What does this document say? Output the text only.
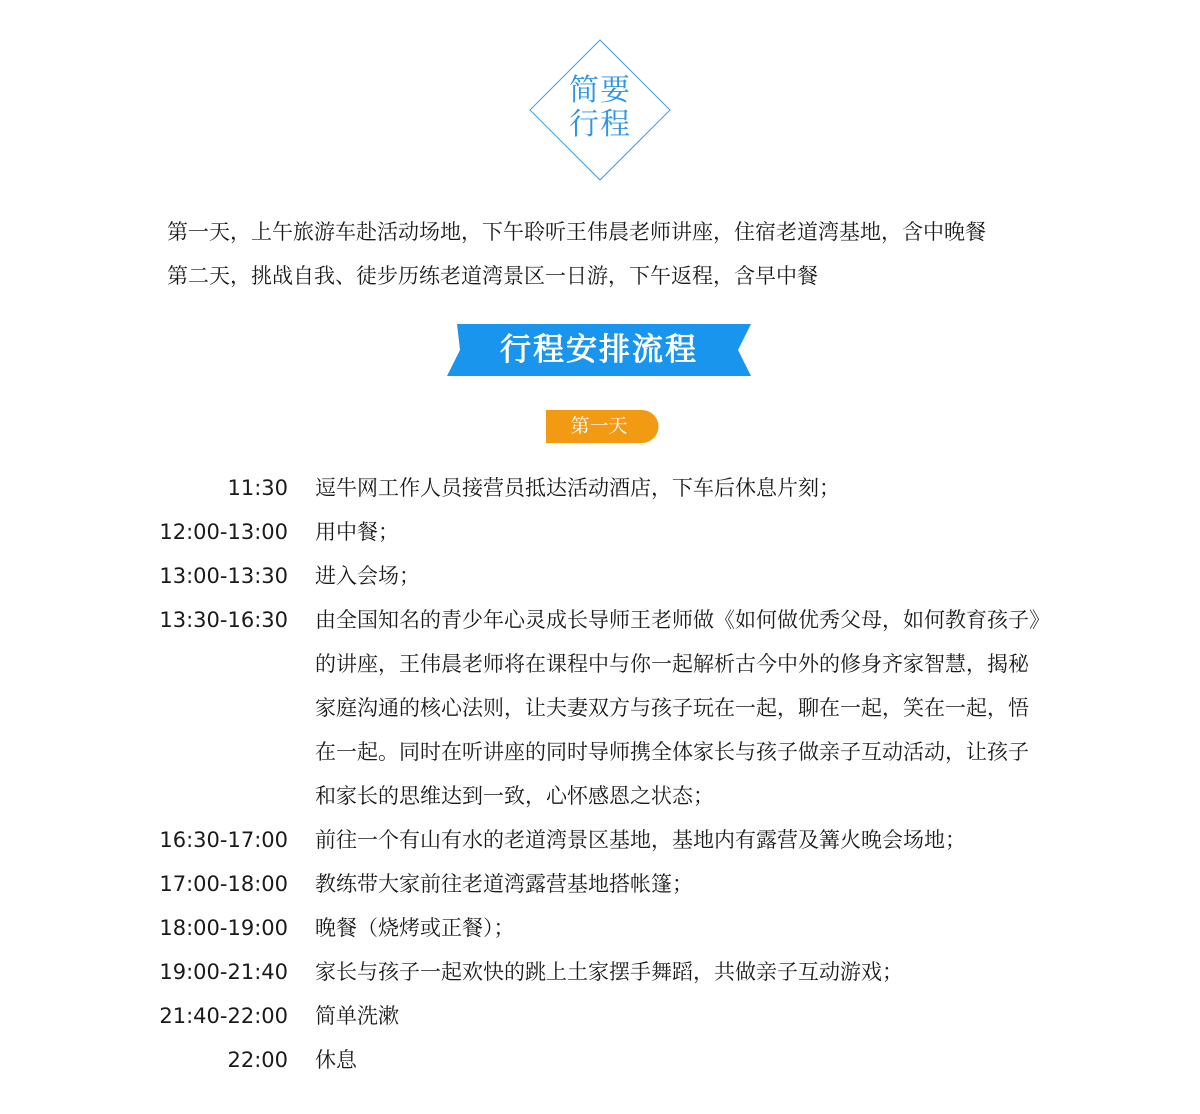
简要
行程
第一天，上午旅游车赴活动场地，下午聆听王伟晨老师讲座，住宿老道湾基地，含中晚餐
第二天，挑战自我、徒步历练老道湾景区一日游，下午返程，含早中餐
行程安排流程
第一天
11:30 逗牛网工作人员接营员抵达活动酒店，下车后休息片刻；
12:00-13:00 用中餐；
13:00-13:30 进入会场；
13:30-16:30 由全国知名的青少年心灵成长导师王老师做《如何做优秀父母，如何教育孩子》的讲座，王伟晨老师将在课程中与你一起解析古今中外的修身齐家智慧，揭秘家庭沟通的核心法则，让夫妻双方与孩子玩在一起，聊在一起，笑在一起，悟在一起。同时在听讲座的同时导师携全体家长与孩子做亲子互动活动，让孩子和家长的思维达到一致，心怀感恩之状态；
16:30-17:00 前往一个有山有水的老道湾景区基地，基地内有露营及篝火晚会场地；
17:00-18:00 教练带大家前往老道湾露营基地搭帐篷；
18:00-19:00 晚餐（烧烤或正餐）；
19:00-21:40 家长与孩子一起欢快的跳上土家摆手舞蹈，共做亲子互动游戏；
21:40-22:00 简单洗漱
22:00 休息
